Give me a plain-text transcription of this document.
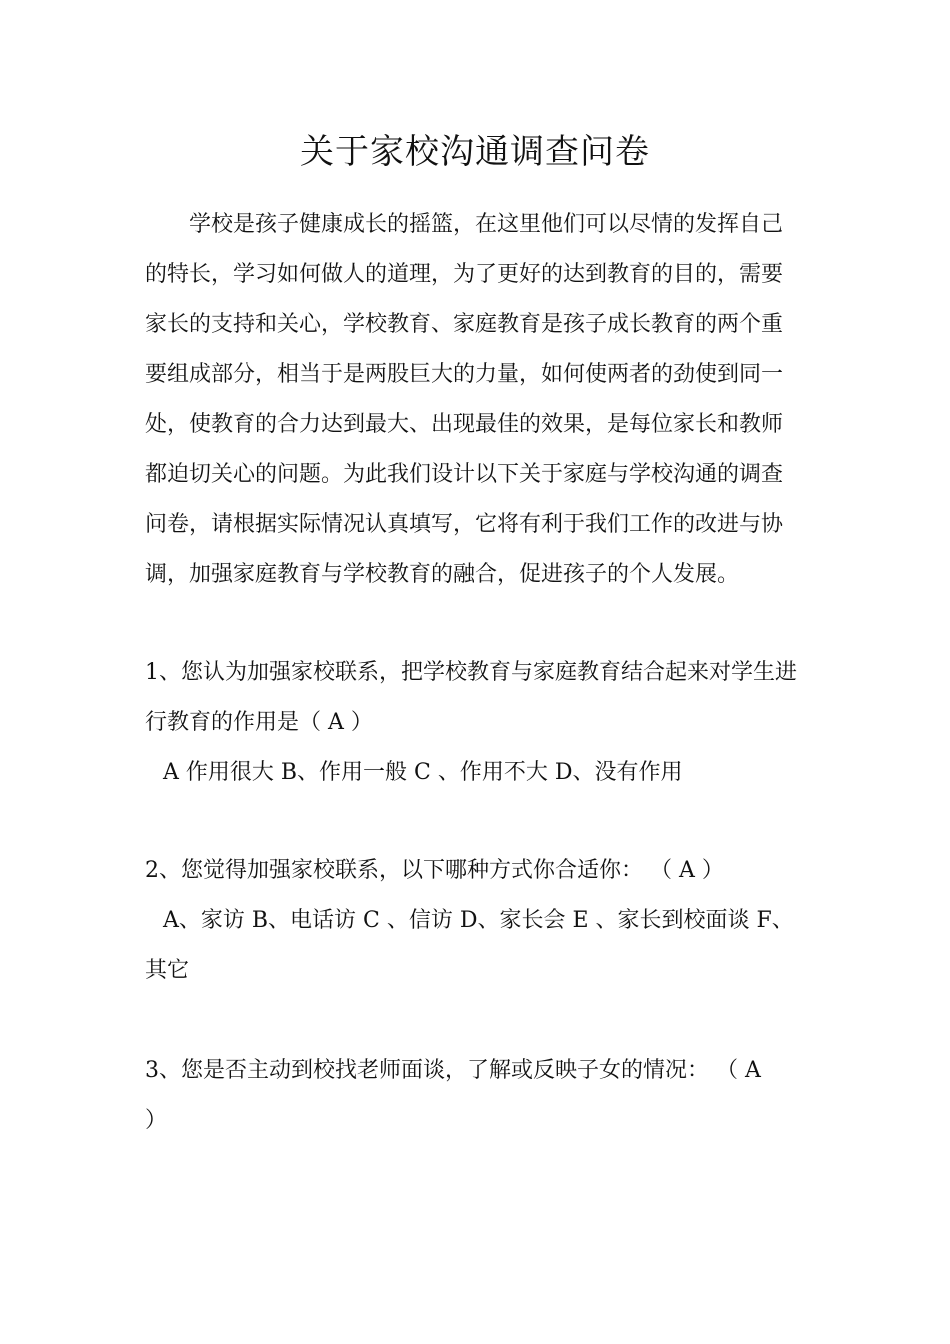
关于家校沟通调查问卷
学校是孩子健康成长的摇篮，在这里他们可以尽情的发挥自己
的特长，学习如何做人的道理，为了更好的达到教育的目的，需要
家长的支持和关心，学校教育、家庭教育是孩子成长教育的两个重
要组成部分，相当于是两股巨大的力量，如何使两者的劲使到同一
处，使教育的合力达到最大、出现最佳的效果，是每位家长和教师
都迫切关心的问题。为此我们设计以下关于家庭与学校沟通的调查
问卷，请根据实际情况认真填写，它将有利于我们工作的改进与协
调，加强家庭教育与学校教育的融合，促进孩子的个人发展。
1、您认为加强家校联系，把学校教育与家庭教育结合起来对学生进
行教育的作用是（ A ）
A 作用很大 B、作用一般 C 、作用不大 D、没有作用
2、您觉得加强家校联系，以下哪种方式你合适你： （ A ）
A、家访 B、电话访 C 、信访 D、家长会 E 、家长到校面谈 F、
其它
3、您是否主动到校找老师面谈，了解或反映子女的情况： （ A
）
